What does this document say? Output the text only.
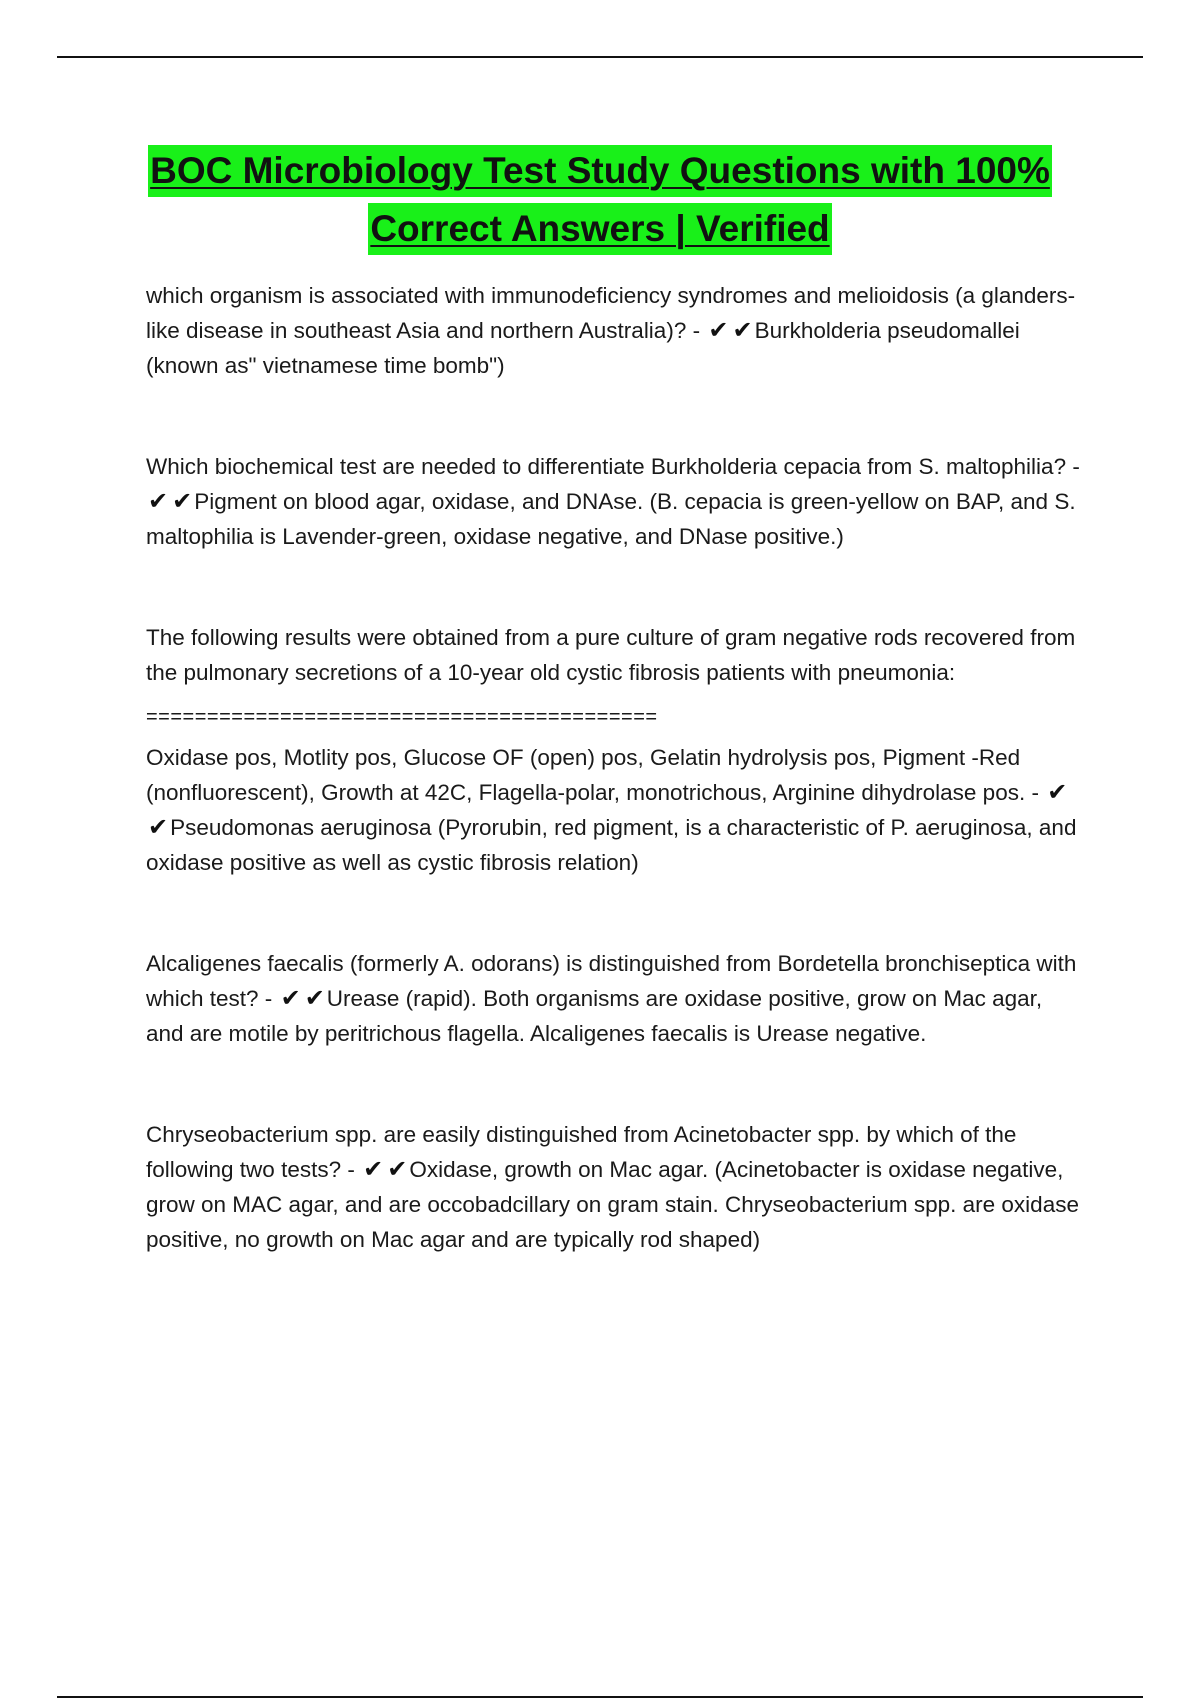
BOC Microbiology Test Study Questions with 100%
Correct Answers | Verified

which organism is associated with immunodeficiency syndromes and melioidosis (a glanders-like disease in southeast Asia and northern Australia)? - ✔ ✔Burkholderia pseudomallei (known as" vietnamese time bomb")

Which biochemical test are needed to differentiate Burkholderia cepacia from S. maltophilia? - ✔ ✔Pigment on blood agar, oxidase, and DNAse. (B. cepacia is green-yellow on BAP, and S. maltophilia is Lavender-green, oxidase negative, and DNase positive.)

The following results were obtained from a pure culture of gram negative rods recovered from the pulmonary secretions of a 10-year old cystic fibrosis patients with pneumonia:

==========================================

Oxidase pos, Motlity pos, Glucose OF (open) pos, Gelatin hydrolysis pos, Pigment -Red (nonfluorescent), Growth at 42C, Flagella-polar, monotrichous, Arginine dihydrolase pos. - ✔✔Pseudomonas aeruginosa (Pyrorubin, red pigment, is a characteristic of P. aeruginosa, and oxidase positive as well as cystic fibrosis relation)

Alcaligenes faecalis (formerly A. odorans) is distinguished from Bordetella bronchiseptica with which test? - ✔ ✔Urease (rapid). Both organisms are oxidase positive, grow on Mac agar, and are motile by peritrichous flagella. Alcaligenes faecalis is Urease negative.

Chryseobacterium spp. are easily distinguished from Acinetobacter spp. by which of the following two tests? - ✔ ✔Oxidase, growth on Mac agar. (Acinetobacter is oxidase negative, grow on MAC agar, and are occobadcillary on gram stain. Chryseobacterium spp. are oxidase positive, no growth on Mac agar and are typically rod shaped)
